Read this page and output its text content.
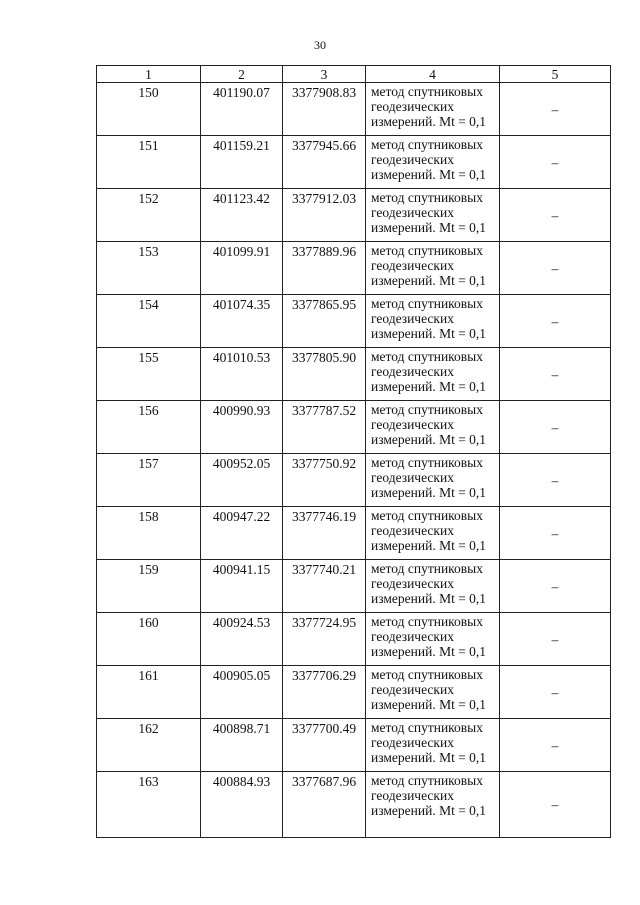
30
1	2	3	4	5
150	401190.07	3377908.83	метод спутниковых
геодезических
измерений. Mt = 0,1	–
151	401159.21	3377945.66	метод спутниковых
геодезических
измерений. Mt = 0,1	–
152	401123.42	3377912.03	метод спутниковых
геодезических
измерений. Mt = 0,1	–
153	401099.91	3377889.96	метод спутниковых
геодезических
измерений. Mt = 0,1	–
154	401074.35	3377865.95	метод спутниковых
геодезических
измерений. Mt = 0,1	–
155	401010.53	3377805.90	метод спутниковых
геодезических
измерений. Mt = 0,1	–
156	400990.93	3377787.52	метод спутниковых
геодезических
измерений. Mt = 0,1	–
157	400952.05	3377750.92	метод спутниковых
геодезических
измерений. Mt = 0,1	–
158	400947.22	3377746.19	метод спутниковых
геодезических
измерений. Mt = 0,1	–
159	400941.15	3377740.21	метод спутниковых
геодезических
измерений. Mt = 0,1	–
160	400924.53	3377724.95	метод спутниковых
геодезических
измерений. Mt = 0,1	–
161	400905.05	3377706.29	метод спутниковых
геодезических
измерений. Mt = 0,1	–
162	400898.71	3377700.49	метод спутниковых
геодезических
измерений. Mt = 0,1	–
163	400884.93	3377687.96	метод спутниковых
геодезических
измерений. Mt = 0,1	–
